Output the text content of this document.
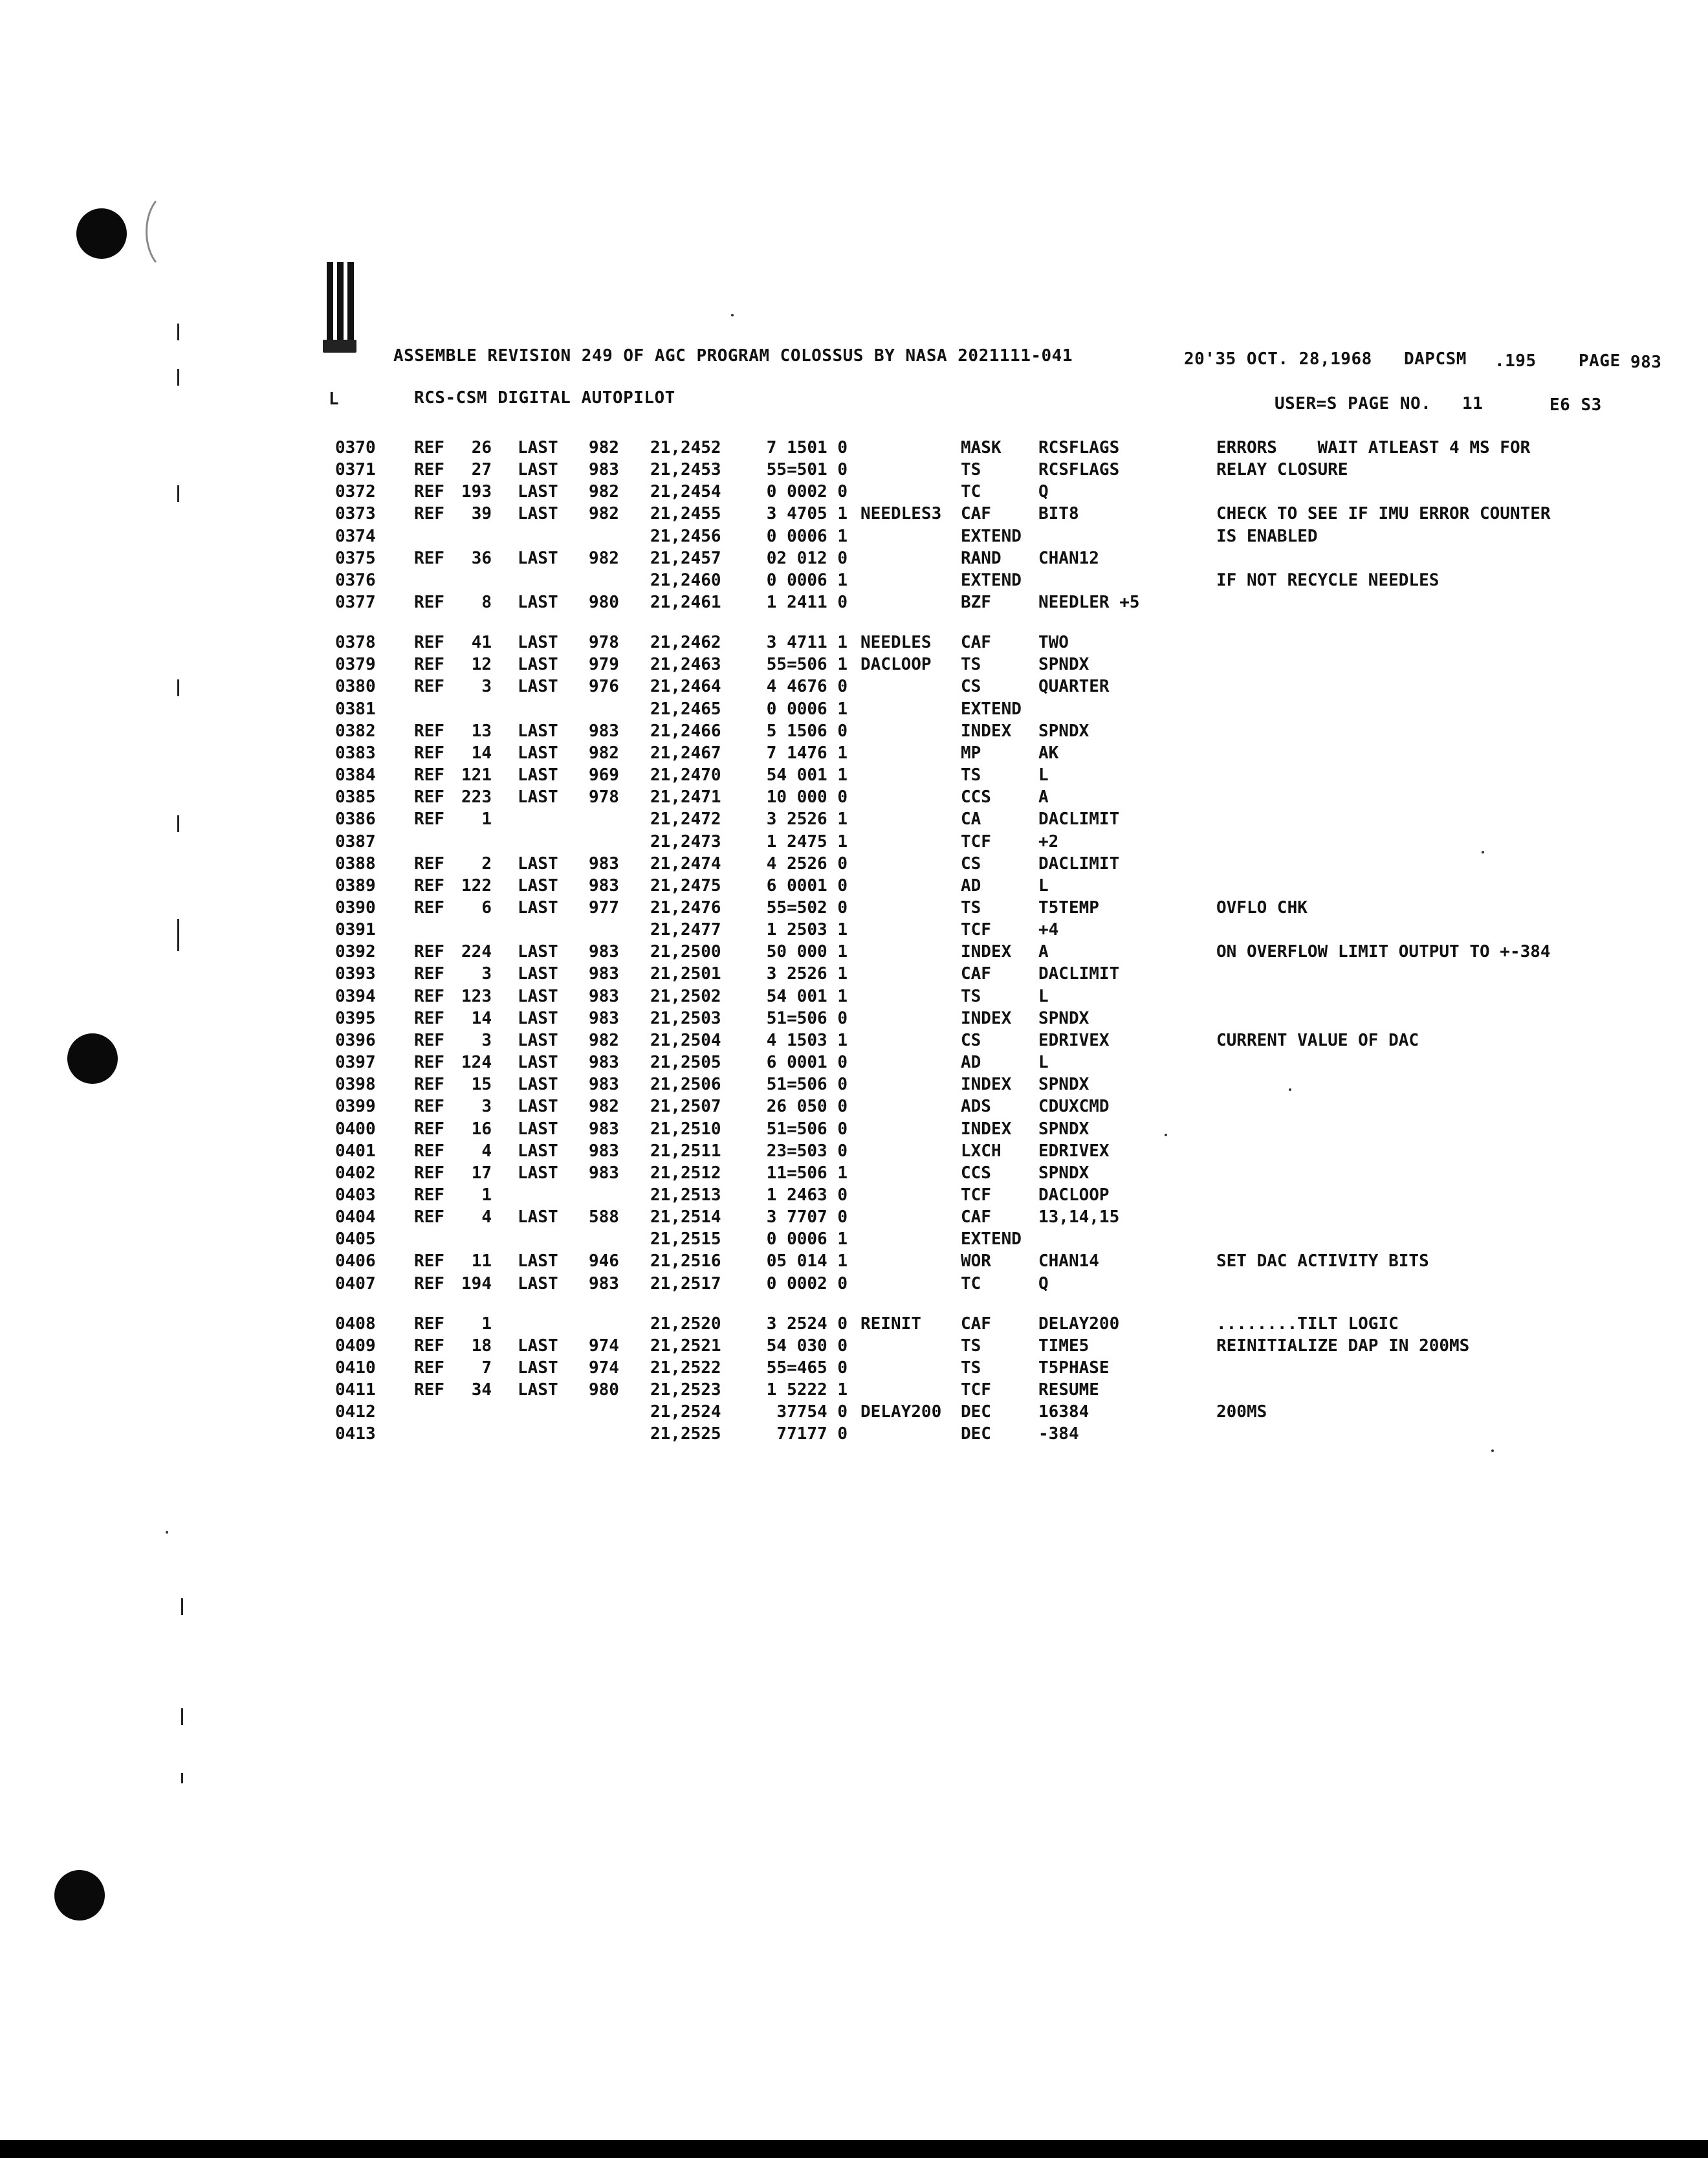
ASSEMBLE REVISION 249 OF AGC PROGRAM COLOSSUS BY NASA 2021111-041	20'35 OCT. 28,1968 DAPCSM .195	PAGE 983
L	RCS-CSM DIGITAL AUTOPILOT	USER=S PAGE NO. 11	E6 S3
0370 REF	26 LAST 982 21,2452	7 1501 0	MASK RCSFLAGS	ERRORS    WAIT ATLEAST 4 MS FOR
0371 REF	27 LAST 983 21,2453	55=501 0	TS	RCSFLAGS	RELAY CLOSURE
0372 REF	193 LAST 982 21,2454	0 0002 0	TC	Q
0373 REF	39 LAST 982 21,2455	3 4705 1 NEEDLES3 CAF	BIT8	CHECK TO SEE IF IMU ERROR COUNTER
0374	21,2456	0 0006 1	EXTEND	IS ENABLED
0375 REF	36 LAST 982 21,2457	02 012 0	RAND CHAN12
0376	21,2460	0 0006 1	EXTEND	IF NOT RECYCLE NEEDLES
0377 REF	8 LAST 980 21,2461	1 2411 0	BZF	NEEDLER +5
0378 REF	41 LAST 978 21,2462	3 4711 1 NEEDLES CAF	TWO
0379 REF	12 LAST 979 21,2463	55=506 1 DACLOOP TS	SPNDX
0380 REF	3 LAST 976 21,2464	4 4676 0	CS	QUARTER
0381	21,2465	0 0006 1	EXTEND
0382 REF	13 LAST 983 21,2466	5 1506 0	INDEX SPNDX
0383 REF	14 LAST 982 21,2467	7 1476 1	MP	AK
0384 REF	121 LAST 969 21,2470	54 001 1	TS	L
0385 REF	223 LAST 978 21,2471	10 000 0	CCS	A
0386 REF	1	21,2472	3 2526 1	CA	DACLIMIT
0387	21,2473	1 2475 1	TCF	+2
0388 REF	2 LAST 983 21,2474	4 2526 0	CS	DACLIMIT
0389 REF	122 LAST 983 21,2475	6 0001 0	AD	L
0390 REF	6 LAST 977 21,2476	55=502 0	TS	T5TEMP	OVFLO CHK
0391	21,2477	1 2503 1	TCF	+4
0392 REF	224 LAST 983 21,2500	50 000 1	INDEX A	ON OVERFLOW LIMIT OUTPUT TO +-384
0393 REF	3 LAST 983 21,2501	3 2526 1	CAF	DACLIMIT
0394 REF	123 LAST 983 21,2502	54 001 1	TS	L
0395 REF	14 LAST 983 21,2503	51=506 0	INDEX SPNDX
0396 REF	3 LAST 982 21,2504	4 1503 1	CS	EDRIVEX	CURRENT VALUE OF DAC
0397 REF	124 LAST 983 21,2505	6 0001 0	AD	L
0398 REF	15 LAST 983 21,2506	51=506 0	INDEX SPNDX
0399 REF	3 LAST 982 21,2507	26 050 0	ADS	CDUXCMD
0400 REF	16 LAST 983 21,2510	51=506 0	INDEX SPNDX
0401 REF	4 LAST 983 21,2511	23=503 0	LXCH EDRIVEX
0402 REF	17 LAST 983 21,2512	11=506 1	CCS	SPNDX
0403 REF	1	21,2513	1 2463 0	TCF	DACLOOP
0404 REF	4 LAST 588 21,2514	3 7707 0	CAF	13,14,15
0405	21,2515	0 0006 1	EXTEND
0406 REF	11 LAST 946 21,2516	05 014 1	WOR	CHAN14	SET DAC ACTIVITY BITS
0407 REF	194 LAST 983 21,2517	0 0002 0	TC	Q
0408 REF	1	21,2520	3 2524 0 REINIT CAF	DELAY200	........TILT LOGIC
0409 REF	18 LAST 974 21,2521	54 030 0	TS	TIME5	REINITIALIZE DAP IN 200MS
0410 REF	7 LAST 974 21,2522	55=465 0	TS	T5PHASE
0411 REF	34 LAST 980 21,2523	1 5222 1	TCF	RESUME
0412	21,2524	37754 0 DELAY200 DEC	16384	200MS
0413	21,2525	77177 0	DEC	-384
